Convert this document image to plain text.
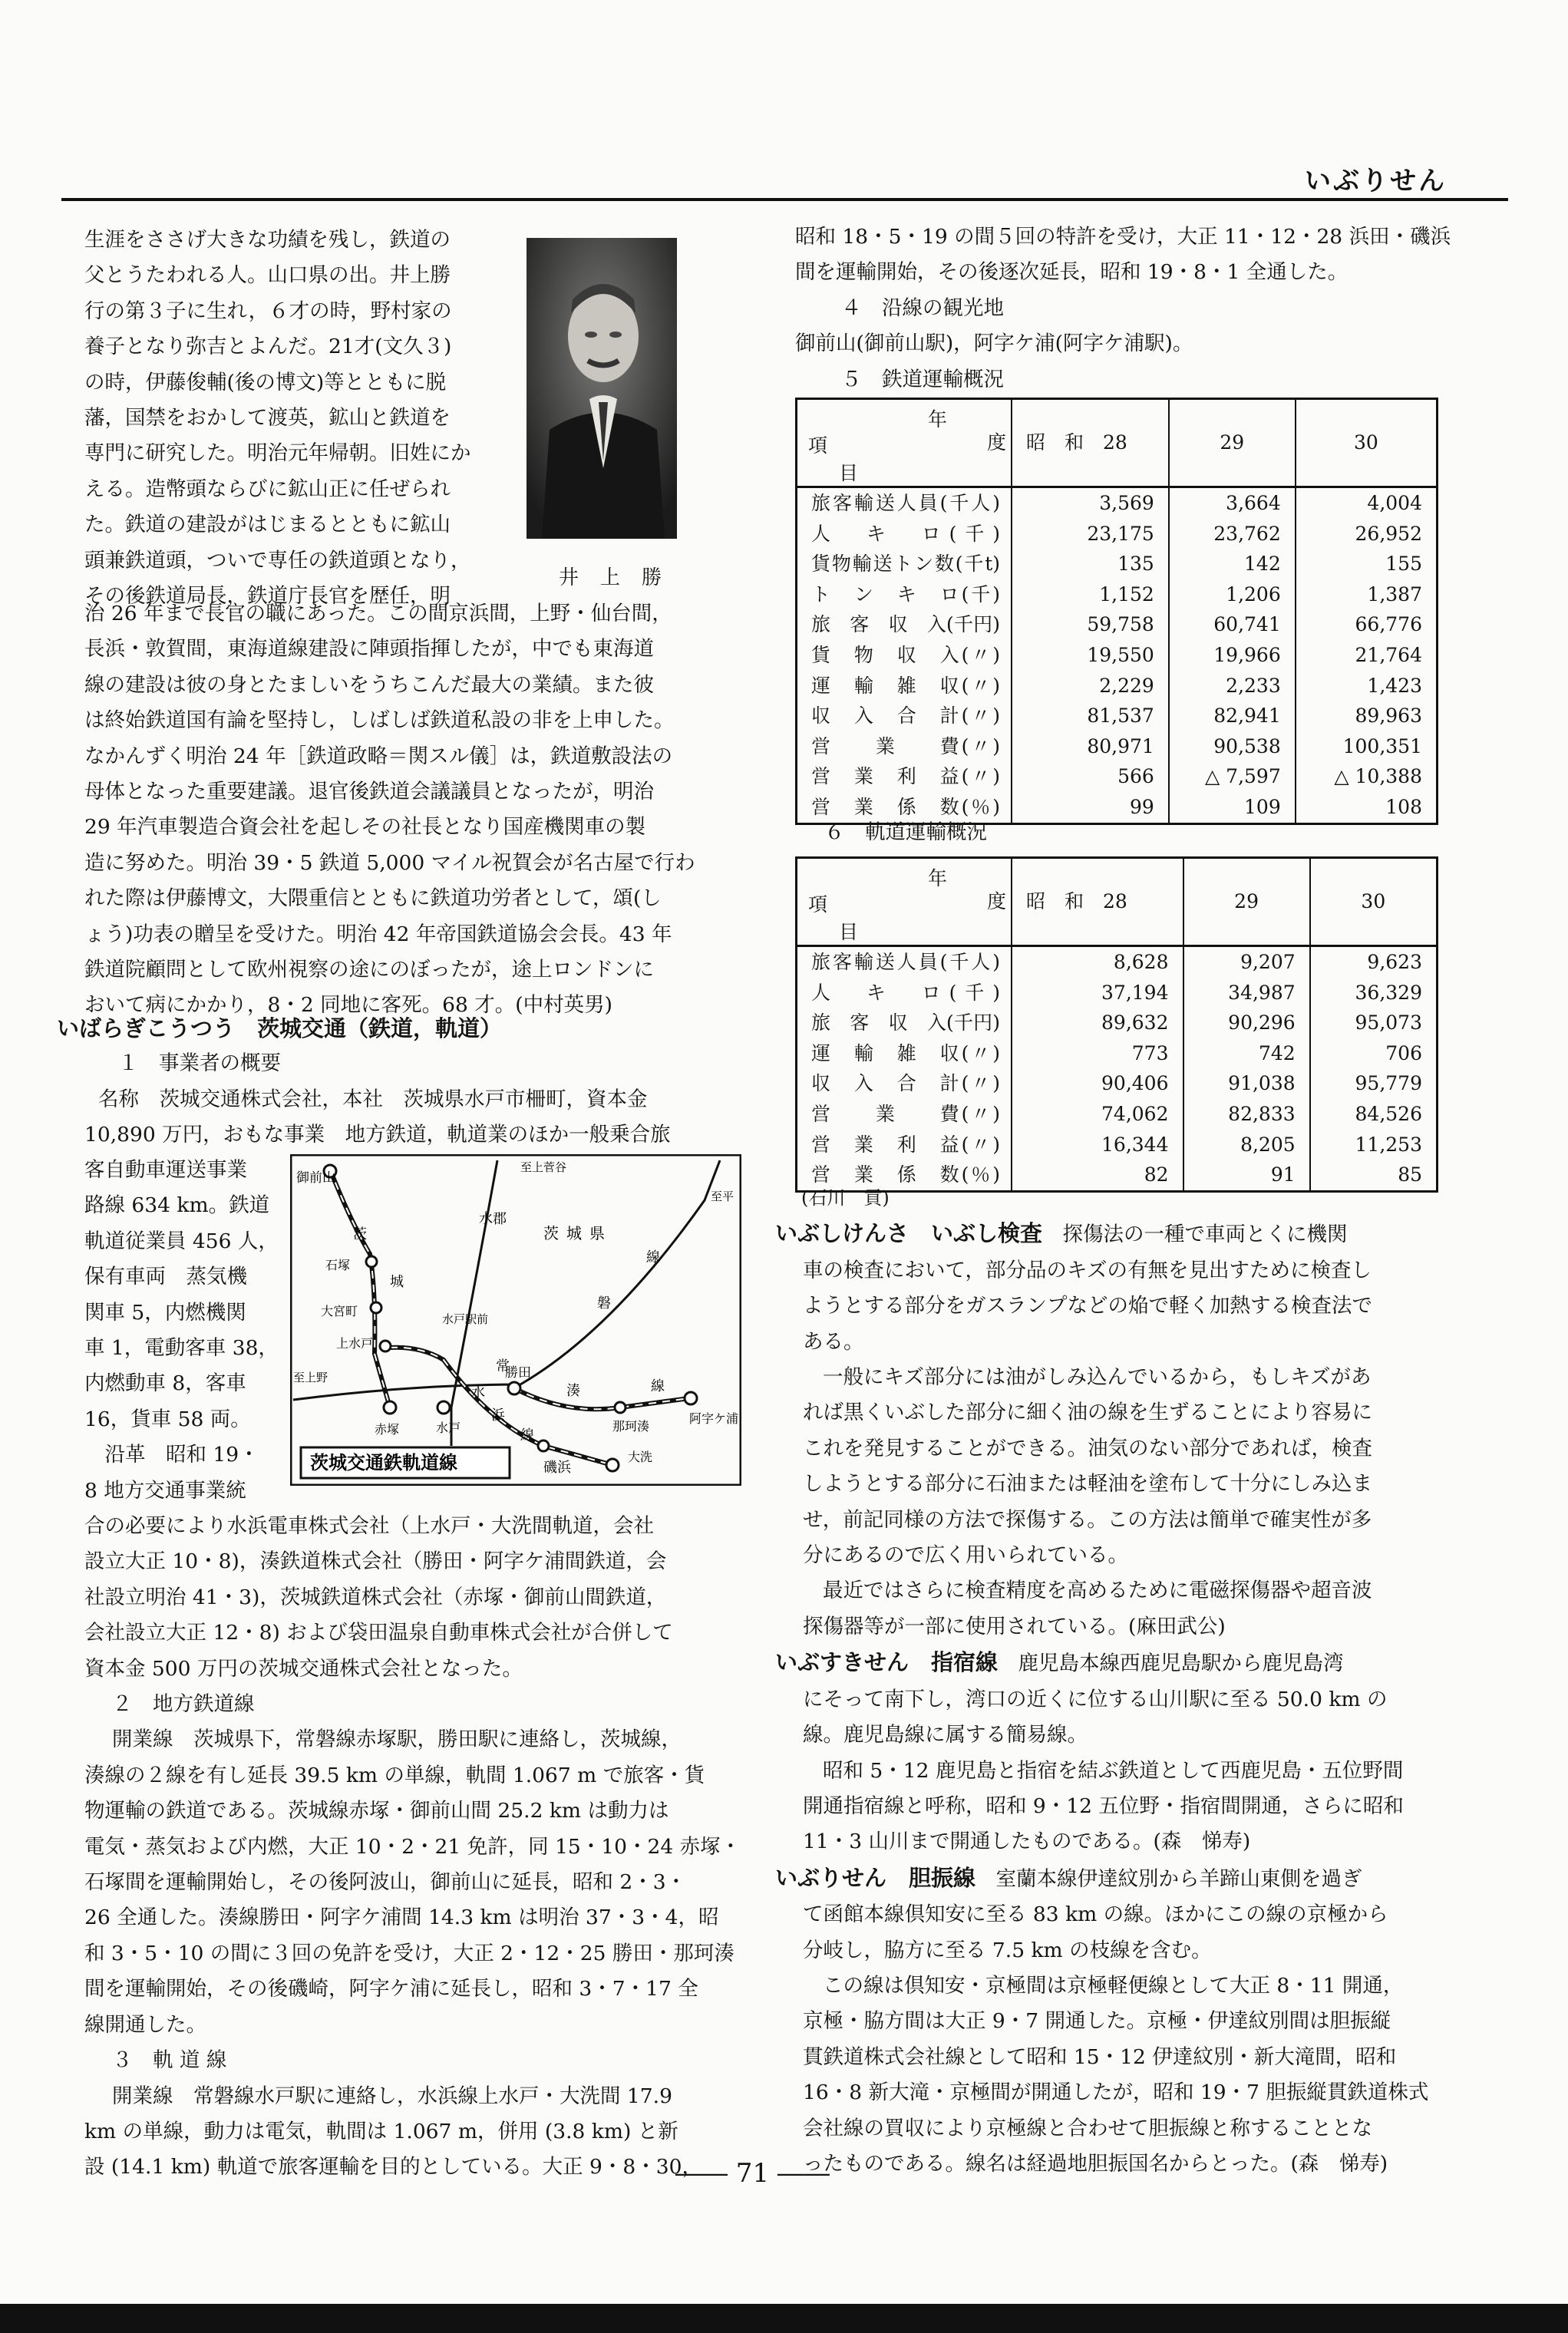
いぶりせん

生涯をささげ大きな功績を残し，鉄道の

父とうたわれる人。山口県の出。井上勝

行の第３子に生れ，６才の時，野村家の

養子となり弥吉とよんだ。21才(文久３)

の時，伊藤俊輔(後の博文)等とともに脱

藩，国禁をおかして渡英，鉱山と鉄道を

専門に研究した。明治元年帰朝。旧姓にか

える。造幣頭ならびに鉱山正に任ぜられ

た。鉄道の建設がはじまるとともに鉱山

頭兼鉄道頭，ついで専任の鉄道頭となり，

その後鉄道局長，鉄道庁長官を歴任，明

井上勝

治 26 年まで長官の職にあった。この間京浜間，上野・仙台間，

長浜・敦賀間，東海道線建設に陣頭指揮したが，中でも東海道

線の建設は彼の身とたましいをうちこんだ最大の業績。また彼

は終始鉄道国有論を堅持し，しばしば鉄道私設の非を上申した。

なかんずく明治 24 年［鉄道政略＝関スル儀］は，鉄道敷設法の

母体となった重要建議。退官後鉄道会議議員となったが，明治

29 年汽車製造合資会社を起しその社長となり国産機関車の製

造に努めた。明治 39・5 鉄道 5,000 マイル祝賀会が名古屋で行わ

れた際は伊藤博文，大隈重信とともに鉄道功労者として，頌(し

ょう)功表の贈呈を受けた。明治 42 年帝国鉄道協会会長。43 年

鉄道院顧問として欧州視察の途にのぼったが，途上ロンドンに

おいて病にかかり，8・2 同地に客死。68 才。(中村英男)

いばらぎこうつう　茨城交通（鉄道，軌道）

１　事業者の概要

名称　茨城交通株式会社，本社　茨城県水戸市柵町，資本金

10,890 万円，おもな事業　地方鉄道，軌道業のほか一般乗合旅

客自動車運送事業

路線 634 km。鉄道

軌道従業員 456 人，

保有車両　蒸気機

関車 5，内燃機関

車 1，電動客車 38，

内燃動車 8，客車

16，貨車 58 両。

　沿革　昭和 19・

8 地方交通事業統

御前山
茨
城
石塚
大宮町
上水戸
赤塚	水戸
水戸駅前
勝田
那珂湊
阿字ケ浦
磯浜
大洗
茨城県
至上菅谷
至平
至上野
水郡
常
磐
線
湊	線
水
浜
線
茨城交通鉄軌道線

合の必要により水浜電車株式会社（上水戸・大洗間軌道，会社

設立大正 10・8)，湊鉄道株式会社（勝田・阿字ケ浦間鉄道，会

社設立明治 41・3)，茨城鉄道株式会社（赤塚・御前山間鉄道，

会社設立大正 12・8) および袋田温泉自動車株式会社が合併して

資本金 500 万円の茨城交通株式会社となった。

２　地方鉄道線

開業線　茨城県下，常磐線赤塚駅，勝田駅に連絡し，茨城線，

湊線の２線を有し延長 39.5 km の単線，軌間 1.067 m で旅客・貨

物運輸の鉄道である。茨城線赤塚・御前山間 25.2 km は動力は

電気・蒸気および内燃，大正 10・2・21 免許，同 15・10・24 赤塚・

石塚間を運輸開始し，その後阿波山，御前山に延長，昭和 2・3・

26 全通した。湊線勝田・阿字ケ浦間 14.3 km は明治 37・3・4，昭

和 3・5・10 の間に３回の免許を受け，大正 2・12・25 勝田・那珂湊

間を運輸開始，その後磯崎，阿字ケ浦に延長し，昭和 3・7・17 全

線開通した。

３　軌 道 線

開業線　常磐線水戸駅に連絡し，水浜線上水戸・大洗間 17.9

km の単線，動力は電気，軌間は 1.067 m，併用 (3.8 km) と新

設 (14.1 km) 軌道で旅客運輸を目的としている。大正 9・8・30，

昭和 18・5・19 の間５回の特許を受け，大正 11・12・28 浜田・磯浜

間を運輸開始，その後逐次延長，昭和 19・8・1 全通した。

４　沿線の観光地

御前山(御前山駅)，阿字ケ浦(阿字ケ浦駅)。

５　鉄道運輸概況

年
度
項
目	昭　和　28	29	30
旅客輸送人員(千人)	3,569	3,664	4,004
人　キ　ロ(千)	23,175	23,762	26,952
貨物輸送トン数(千t)	135	142	155
ト　ン　キ　ロ(千)	1,152	1,206	1,387
旅　客　収　入(千円)	59,758	60,741	66,776
貨　物　収　入(〃)	19,550	19,966	21,764
運　輸　雑　収(〃)	2,229	2,233	1,423
収　入　合　計(〃)	81,537	82,941	89,963
営　　業　　費(〃)	80,971	90,538	100,351
営　業　利　益(〃)	566	△ 7,597	△ 10,388
営　業　係　数(％)	99	109	108

６　軌道運輸概況

年
度
項
目	昭　和　28	29	30
旅客輸送人員(千人)	8,628	9,207	9,623
人　キ　ロ(千)	37,194	34,987	36,329
旅　客　収　入(千円)	89,632	90,296	95,073
運　輸　雑　収(〃)	773	742	706
収　入　合　計(〃)	90,406	91,038	95,779
営　　業　　費(〃)	74,062	82,833	84,526
営　業　利　益(〃)	16,344	8,205	11,253
営　業　係　数(％)	82	91	85

(石川　貢)

いぶしけんさ　いぶし検査　探傷法の一種で車両とくに機関

車の検査において，部分品のキズの有無を見出すために検査し

ようとする部分をガスランプなどの焔で軽く加熱する検査法で

ある。

一般にキズ部分には油がしみ込んでいるから，もしキズがあ

れば黒くいぶした部分に細く油の線を生ずることにより容易に

これを発見することができる。油気のない部分であれば，検査

しようとする部分に石油または軽油を塗布して十分にしみ込ま

せ，前記同様の方法で探傷する。この方法は簡単で確実性が多

分にあるので広く用いられている。

最近ではさらに検査精度を高めるために電磁探傷器や超音波

探傷器等が一部に使用されている。(麻田武公)

いぶすきせん　指宿線　鹿児島本線西鹿児島駅から鹿児島湾

にそって南下し，湾口の近くに位する山川駅に至る 50.0 km の

線。鹿児島線に属する簡易線。

昭和 5・12 鹿児島と指宿を結ぶ鉄道として西鹿児島・五位野間

開通指宿線と呼称，昭和 9・12 五位野・指宿間開通，さらに昭和

11・3 山川まで開通したものである。(森　悌寿)

いぶりせん　胆振線　室蘭本線伊達紋別から羊蹄山東側を過ぎ

て函館本線倶知安に至る 83 km の線。ほかにこの線の京極から

分岐し，脇方に至る 7.5 km の枝線を含む。

この線は倶知安・京極間は京極軽便線として大正 8・11 開通，

京極・脇方間は大正 9・7 開通した。京極・伊達紋別間は胆振縦

貫鉄道株式会社線として昭和 15・12 伊達紋別・新大滝間，昭和

16・8 新大滝・京極間が開通したが，昭和 19・7 胆振縦貫鉄道株式

会社線の買収により京極線と合わせて胆振線と称することとな

ったものである。線名は経過地胆振国名からとった。(森　悌寿)

―― 71 ――
